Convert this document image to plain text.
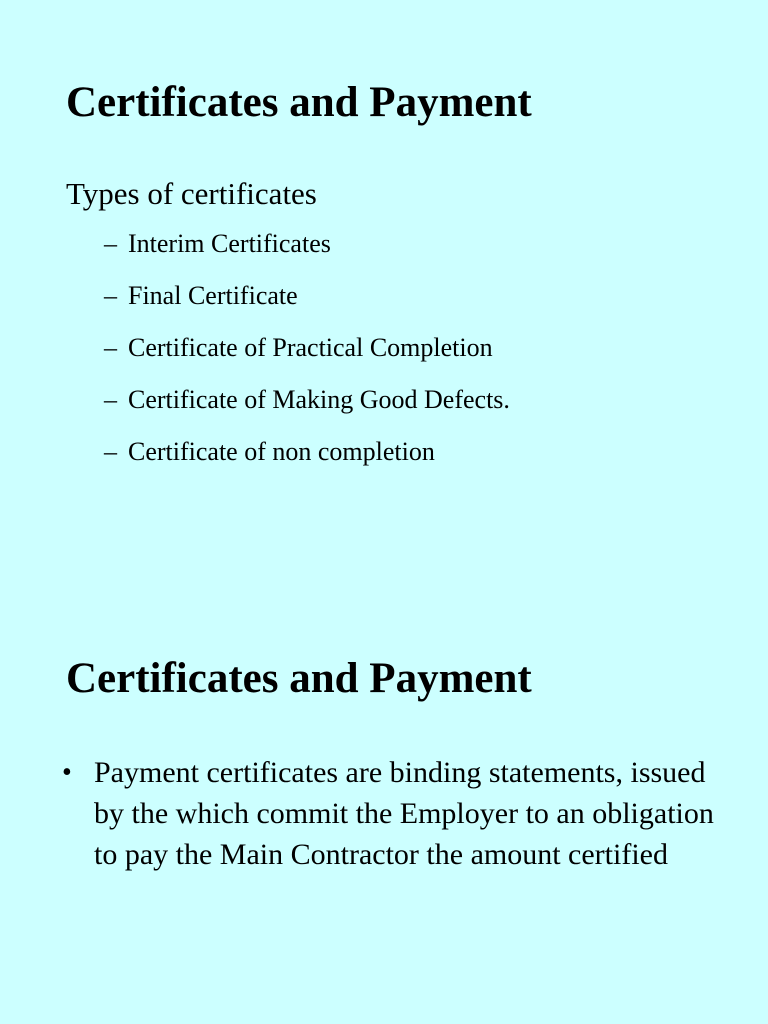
Certificates and Payment
Types of certificates
– Interim Certificates
– Final Certificate
– Certificate of Practical Completion
– Certificate of Making Good Defects.
– Certificate of non completion
Certificates and Payment
• Payment certificates are binding statements, issued by the which commit the Employer to an obligation to pay the Main Contractor the amount certified
